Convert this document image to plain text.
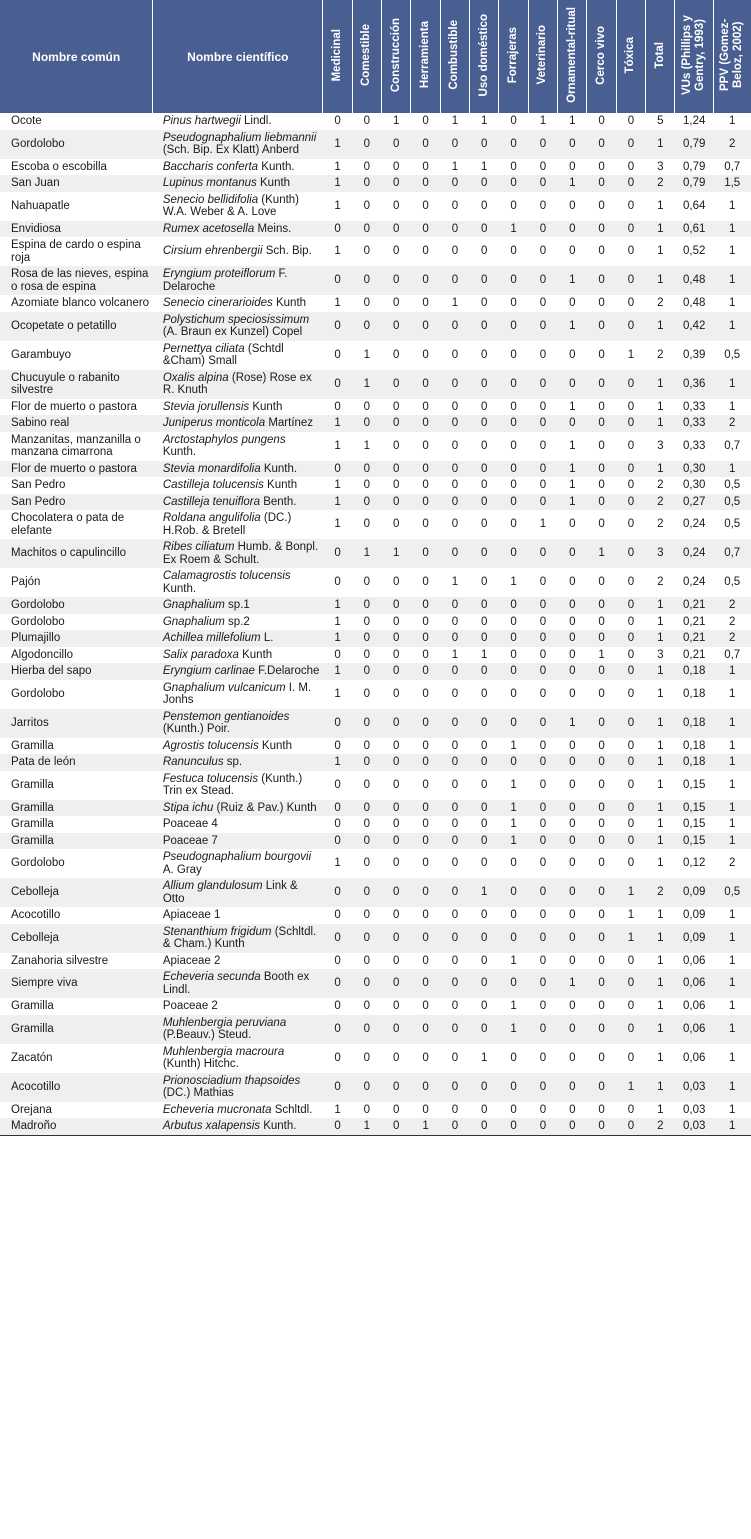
Nombre común	Nombre científico	Medicinal	Comestible	Construcción	Herramienta	Combustible	Uso doméstico	Forrajeras	Veterinario	Ornamental-ritual	Cerco vivo	Tóxica	Total	VUs (Phillips y Gentry, 1993)	PPV (Gomez-Beloz, 2002)
Ocote	Pinus hartwegii Lindl.	0	0	1	0	1	1	0	1	1	0	0	5	1,24	1
Gordolobo	Pseudognaphalium liebmannii (Sch. Bip. Ex Klatt) Anberd	1	0	0	0	0	0	0	0	0	0	0	1	0,79	2
Escoba o escobilla	Baccharis conferta Kunth.	1	0	0	0	1	1	0	0	0	0	0	3	0,79	0,7
San Juan	Lupinus montanus Kunth	1	0	0	0	0	0	0	0	1	0	0	2	0,79	1,5
Nahuapatle	Senecio bellidifolia (Kunth) W.A. Weber & A. Love	1	0	0	0	0	0	0	0	0	0	0	1	0,64	1
Envidiosa	Rumex acetosella Meins.	0	0	0	0	0	0	1	0	0	0	0	1	0,61	1
Espina de cardo o espina roja	Cirsium ehrenbergii Sch. Bip.	1	0	0	0	0	0	0	0	0	0	0	1	0,52	1
Rosa de las nieves, espina o rosa de espina	Eryngium proteiflorum F. Delaroche	0	0	0	0	0	0	0	0	1	0	0	1	0,48	1
Azomiate blanco volcanero	Senecio cinerarioides Kunth	1	0	0	0	1	0	0	0	0	0	0	2	0,48	1
Ocopetate o petatillo	Polystichum speciosissimum (A. Braun ex Kunzel) Copel	0	0	0	0	0	0	0	0	1	0	0	1	0,42	1
Garambuyo	Pernettya ciliata (Schtdl &Cham) Small	0	1	0	0	0	0	0	0	0	0	1	2	0,39	0,5
Chucuyule o rabanito silvestre	Oxalis alpina (Rose) Rose ex R. Knuth	0	1	0	0	0	0	0	0	0	0	0	1	0,36	1
Flor de muerto o pastora	Stevia jorullensis Kunth	0	0	0	0	0	0	0	0	1	0	0	1	0,33	1
Sabino real	Juniperus monticola Martínez	1	0	0	0	0	0	0	0	0	0	0	1	0,33	2
Manzanitas, manzanilla o manzana cimarrona	Arctostaphylos pungens Kunth.	1	1	0	0	0	0	0	0	1	0	0	3	0,33	0,7
Flor de muerto o pastora	Stevia monardifolia Kunth.	0	0	0	0	0	0	0	0	1	0	0	1	0,30	1
San Pedro	Castilleja tolucensis Kunth	1	0	0	0	0	0	0	0	1	0	0	2	0,30	0,5
San Pedro	Castilleja tenuiflora Benth.	1	0	0	0	0	0	0	0	1	0	0	2	0,27	0,5
Chocolatera o pata de elefante	Roldana angulifolia (DC.) H.Rob. & Bretell	1	0	0	0	0	0	0	1	0	0	0	2	0,24	0,5
Machitos o capulincillo	Ribes ciliatum Humb. & Bonpl. Ex Roem & Schult.	0	1	1	0	0	0	0	0	0	1	0	3	0,24	0,7
Pajón	Calamagrostis tolucensis Kunth.	0	0	0	0	1	0	1	0	0	0	0	2	0,24	0,5
Gordolobo	Gnaphalium sp.1	1	0	0	0	0	0	0	0	0	0	0	1	0,21	2
Gordolobo	Gnaphalium sp.2	1	0	0	0	0	0	0	0	0	0	0	1	0,21	2
Plumajillo	Achillea millefolium L.	1	0	0	0	0	0	0	0	0	0	0	1	0,21	2
Algodoncillo	Salix paradoxa Kunth	0	0	0	0	1	1	0	0	0	1	0	3	0,21	0,7
Hierba del sapo	Eryngium carlinae F.Delaroche	1	0	0	0	0	0	0	0	0	0	0	1	0,18	1
Gordolobo	Gnaphalium vulcanicum I. M. Jonhs	1	0	0	0	0	0	0	0	0	0	0	1	0,18	1
Jarritos	Penstemon gentianoides (Kunth.) Poir.	0	0	0	0	0	0	0	0	1	0	0	1	0,18	1
Gramilla	Agrostis tolucensis Kunth	0	0	0	0	0	0	1	0	0	0	0	1	0,18	1
Pata de león	Ranunculus sp.	1	0	0	0	0	0	0	0	0	0	0	1	0,18	1
Gramilla	Festuca tolucensis (Kunth.) Trin ex Stead.	0	0	0	0	0	0	1	0	0	0	0	1	0,15	1
Gramilla	Stipa ichu (Ruiz & Pav.) Kunth	0	0	0	0	0	0	1	0	0	0	0	1	0,15	1
Gramilla	Poaceae 4	0	0	0	0	0	0	1	0	0	0	0	1	0,15	1
Gramilla	Poaceae 7	0	0	0	0	0	0	1	0	0	0	0	1	0,15	1
Gordolobo	Pseudognaphalium bourgovii A. Gray	1	0	0	0	0	0	0	0	0	0	0	1	0,12	2
Cebolleja	Allium glandulosum Link & Otto	0	0	0	0	0	1	0	0	0	0	1	2	0,09	0,5
Acocotillo	Apiaceae 1	0	0	0	0	0	0	0	0	0	0	1	1	0,09	1
Cebolleja	Stenanthium frigidum (Schltdl. & Cham.) Kunth	0	0	0	0	0	0	0	0	0	0	1	1	0,09	1
Zanahoria silvestre	Apiaceae 2	0	0	0	0	0	0	1	0	0	0	0	1	0,06	1
Siempre viva	Echeveria secunda Booth ex Lindl.	0	0	0	0	0	0	0	0	1	0	0	1	0,06	1
Gramilla	Poaceae 2	0	0	0	0	0	0	1	0	0	0	0	1	0,06	1
Gramilla	Muhlenbergia peruviana (P.Beauv.) Steud.	0	0	0	0	0	0	1	0	0	0	0	1	0,06	1
Zacatón	Muhlenbergia macroura (Kunth) Hitchc.	0	0	0	0	0	1	0	0	0	0	0	1	0,06	1
Acocotillo	Prionosciadium thapsoides (DC.) Mathias	0	0	0	0	0	0	0	0	0	0	1	1	0,03	1
Orejana	Echeveria mucronata Schltdl.	1	0	0	0	0	0	0	0	0	0	0	1	0,03	1
Madroño	Arbutus xalapensis Kunth.	0	1	0	1	0	0	0	0	0	0	0	2	0,03	1
